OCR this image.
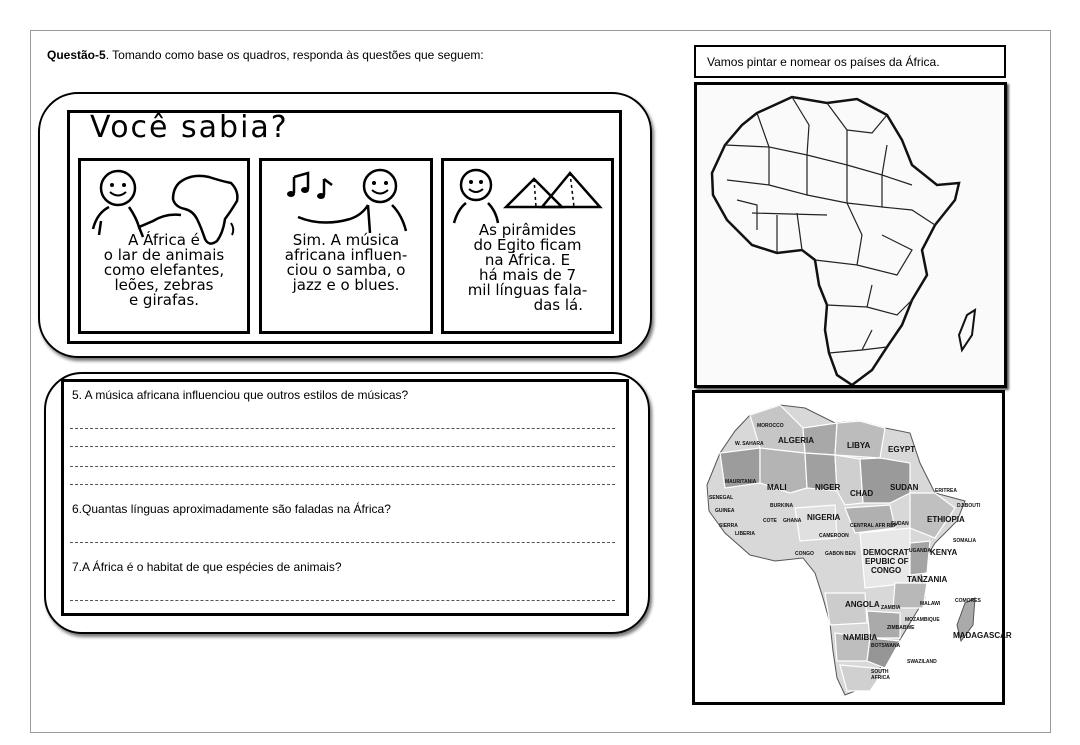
Questão-5. Tomando como base os quadros, responda às questões que seguem:
Você sabia?
A África é
o lar de animais
como elefantes,
leões, zebras
e girafas.
Sim. A música
africana influen-
ciou o samba, o
jazz e o blues.
As pirâmides
do Egito ficam
na África. E
há mais de 7
mil línguas fala-
das lá.
5. A música africana influenciou que outros estilos de músicas?
6.Quantas línguas aproximadamente são faladas na África?
7.A África é o habitat de que espécies de animais?
Vamos pintar e nomear os países da África.
MOROCCO
ALGERIA
LIBYA EGYPT
MAURITANIA
MALI	NIGER
CHAD
SUDAN	ERITREA
DJIBOUTI
SENEGAL
GUINEA
SIERRA
BURKINA
COTE GHANA
LIBERIA
NIGERIA
CENTRAL AFR REP
SUDAN ETHIOPIA
SOMALIA
CAMEROON
CONGO GABON BEN DEMOCRAT
EPUBIC OF
CONGO
UGANDA KENYA
TANZANIA
ANGOLA ZAMBIA
MALAWI	COMORES
MOZAMBIQUE
ZIMBABWE
NAMIBIA
BOTSWANA
MADAGASCAR
SWAZILAND
SOUTH
AFRICA
W. SAHARA
